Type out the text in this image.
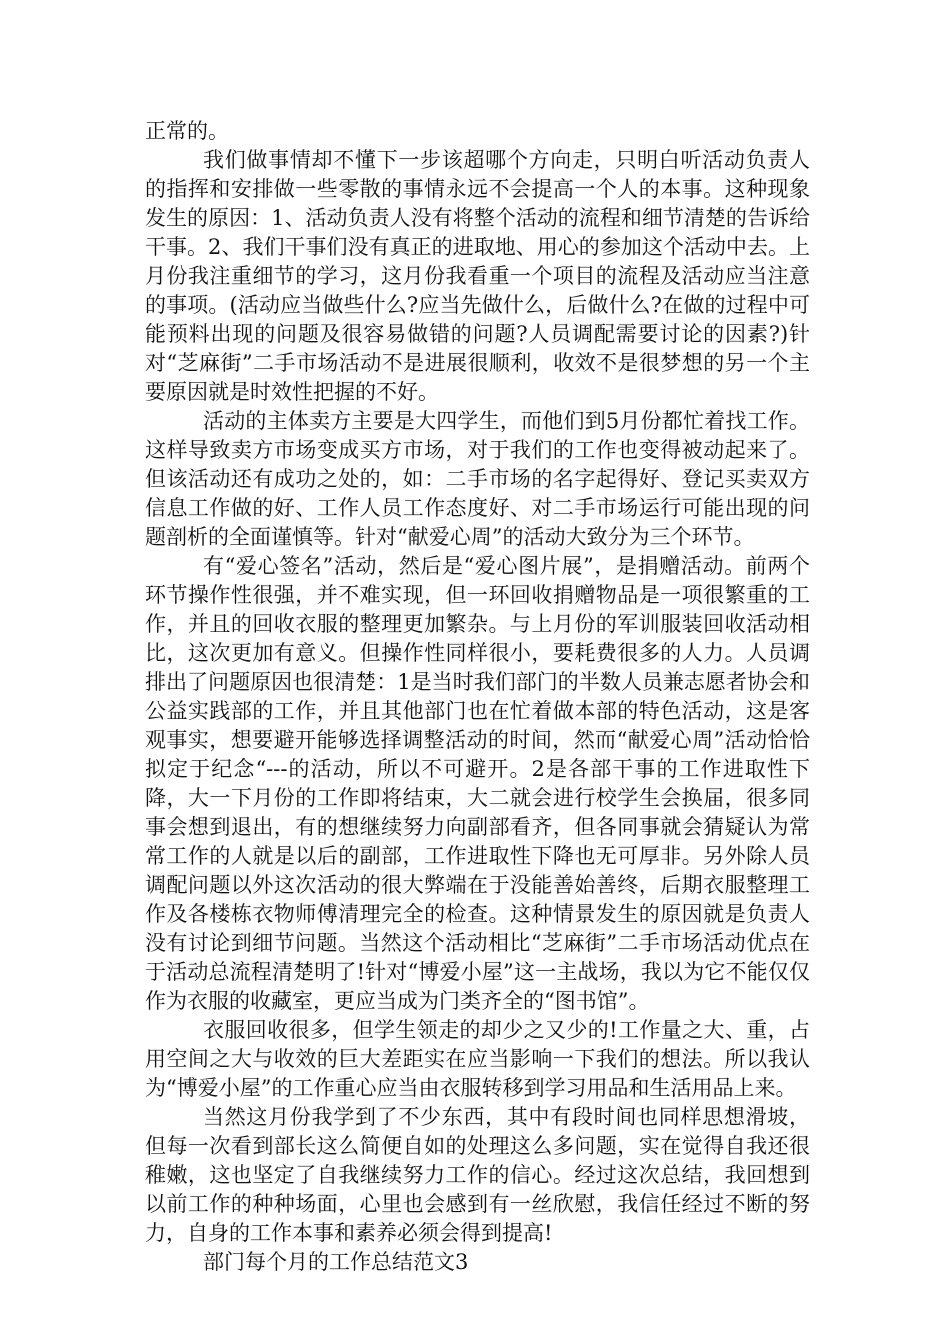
正常的。

我们做事情却不懂下一步该超哪个方向走，只明白听活动负责人的指挥和安排做一些零散的事情永远不会提高一个人的本事。这种现象发生的原因：1、活动负责人没有将整个活动的流程和细节清楚的告诉给干事。2、我们干事们没有真正的进取地、用心的参加这个活动中去。上月份我注重细节的学习，这月份我看重一个项目的流程及活动应当注意的事项。(活动应当做些什么?应当先做什么，后做什么?在做的过程中可能预料出现的问题及很容易做错的问题?人员调配需要讨论的因素?)针对“芝麻街”二手市场活动不是进展很顺利，收效不是很梦想的另一个主要原因就是时效性把握的不好。

活动的主体卖方主要是大四学生，而他们到5月份都忙着找工作。这样导致卖方市场变成买方市场，对于我们的工作也变得被动起来了。但该活动还有成功之处的，如：二手市场的名字起得好、登记买卖双方信息工作做的好、工作人员工作态度好、对二手市场运行可能出现的问题剖析的全面谨慎等。针对“献爱心周”的活动大致分为三个环节。

有“爱心签名”活动，然后是“爱心图片展”，是捐赠活动。前两个环节操作性很强，并不难实现，但一环回收捐赠物品是一项很繁重的工作，并且的回收衣服的整理更加繁杂。与上月份的军训服装回收活动相比，这次更加有意义。但操作性同样很小，要耗费很多的人力。人员调排出了问题原因也很清楚：1是当时我们部门的半数人员兼志愿者协会和公益实践部的工作，并且其他部门也在忙着做本部的特色活动，这是客观事实，想要避开能够选择调整活动的时间，然而“献爱心周”活动恰恰拟定于纪念“---的活动，所以不可避开。2是各部干事的工作进取性下降，大一下月份的工作即将结束，大二就会进行校学生会换届，很多同事会想到退出，有的想继续努力向副部看齐，但各同事就会猜疑认为常常工作的人就是以后的副部，工作进取性下降也无可厚非。另外除人员调配问题以外这次活动的很大弊端在于没能善始善终，后期衣服整理工作及各楼栋衣物师傅清理完全的检查。这种情景发生的原因就是负责人没有讨论到细节问题。当然这个活动相比“芝麻街”二手市场活动优点在于活动总流程清楚明了!针对“博爱小屋”这一主战场，我以为它不能仅仅作为衣服的收藏室，更应当成为门类齐全的“图书馆”。

衣服回收很多，但学生领走的却少之又少的!工作量之大、重，占用空间之大与收效的巨大差距实在应当影响一下我们的想法。所以我认为“博爱小屋”的工作重心应当由衣服转移到学习用品和生活用品上来。

当然这月份我学到了不少东西，其中有段时间也同样思想滑坡，但每一次看到部长这么简便自如的处理这么多问题，实在觉得自我还很稚嫩，这也坚定了自我继续努力工作的信心。经过这次总结，我回想到以前工作的种种场面，心里也会感到有一丝欣慰，我信任经过不断的努力，自身的工作本事和素养必须会得到提高!

部门每个月的工作总结范文3
